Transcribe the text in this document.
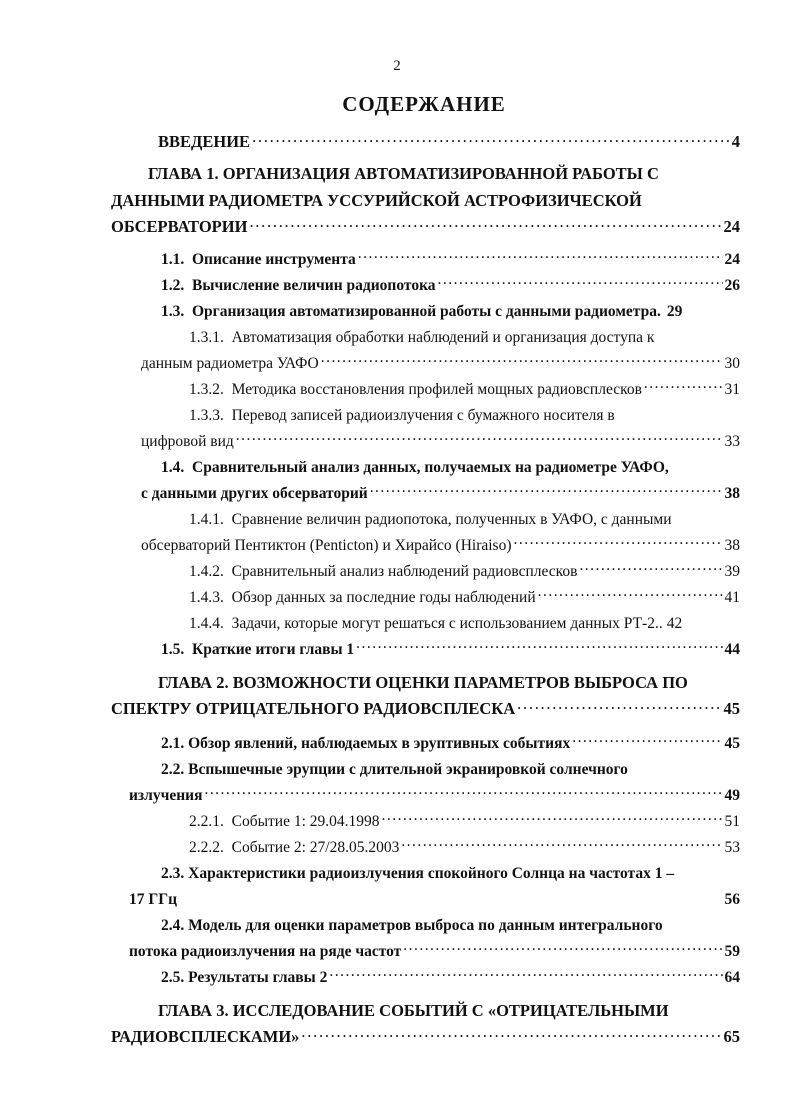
2
СОДЕРЖАНИЕ
ВВЕДЕНИЕ . . .	4
ГЛАВА 1. ОРГАНИЗАЦИЯ АВТОМАТИЗИРОВАННОЙ РАБОТЫ С
ДАННЫМИ РАДИОМЕТРА УССУРИЙСКОЙ АСТРОФИЗИЧЕСКОЙ
ОБСЕРВАТОРИИ . . .	24
1.1. Описание инструмента . . .	24
1.2. Вычисление величин радиопотока . . .	26
1.3. Организация автоматизированной работы с данными радиометра. 29
1.3.1. Автоматизация обработки наблюдений и организация доступа к
данным радиометра УАФО . . .	30
1.3.2. Методика восстановления профилей мощных радиовсплесков . . .	31
1.3.3. Перевод записей радиоизлучения с бумажного носителя в
цифровой вид . . .	33
1.4. Сравнительный анализ данных, получаемых на радиометре УАФО,
с данными других обсерваторий . . .	38
1.4.1. Сравнение величин радиопотока, полученных в УАФО, с данными
обсерваторий Пентиктон (Penticton) и Хирайсо (Hiraiso) . . .	38
1.4.2. Сравнительный анализ наблюдений радиовсплесков . . .	39
1.4.3. Обзор данных за последние годы наблюдений . . .	41
1.4.4. Задачи, которые могут решаться с использованием данных РТ-2.. 42
1.5. Краткие итоги главы 1 . . .	44
ГЛАВА 2. ВОЗМОЖНОСТИ ОЦЕНКИ ПАРАМЕТРОВ ВЫБРОСА ПО
СПЕКТРУ ОТРИЦАТЕЛЬНОГО РАДИОВСПЛЕСКА . . .	45
2.1. Обзор явлений, наблюдаемых в эруптивных событиях . . .	45
2.2. Вспышечные эрупции с длительной экранировкой солнечного
излучения . . .	49
2.2.1. Событие 1: 29.04.1998 . . .	51
2.2.2. Событие 2: 27/28.05.2003 . . .	53
2.3. Характеристики радиоизлучения спокойного Солнца на частотах 1 –
17 ГГц	56
2.4. Модель для оценки параметров выброса по данным интегрального
потока радиоизлучения на ряде частот . . .	59
2.5. Результаты главы 2 . . .	64
ГЛАВА 3. ИССЛЕДОВАНИЕ СОБЫТИЙ С «ОТРИЦАТЕЛЬНЫМИ
РАДИОВСПЛЕСКАМИ» . . .	65
